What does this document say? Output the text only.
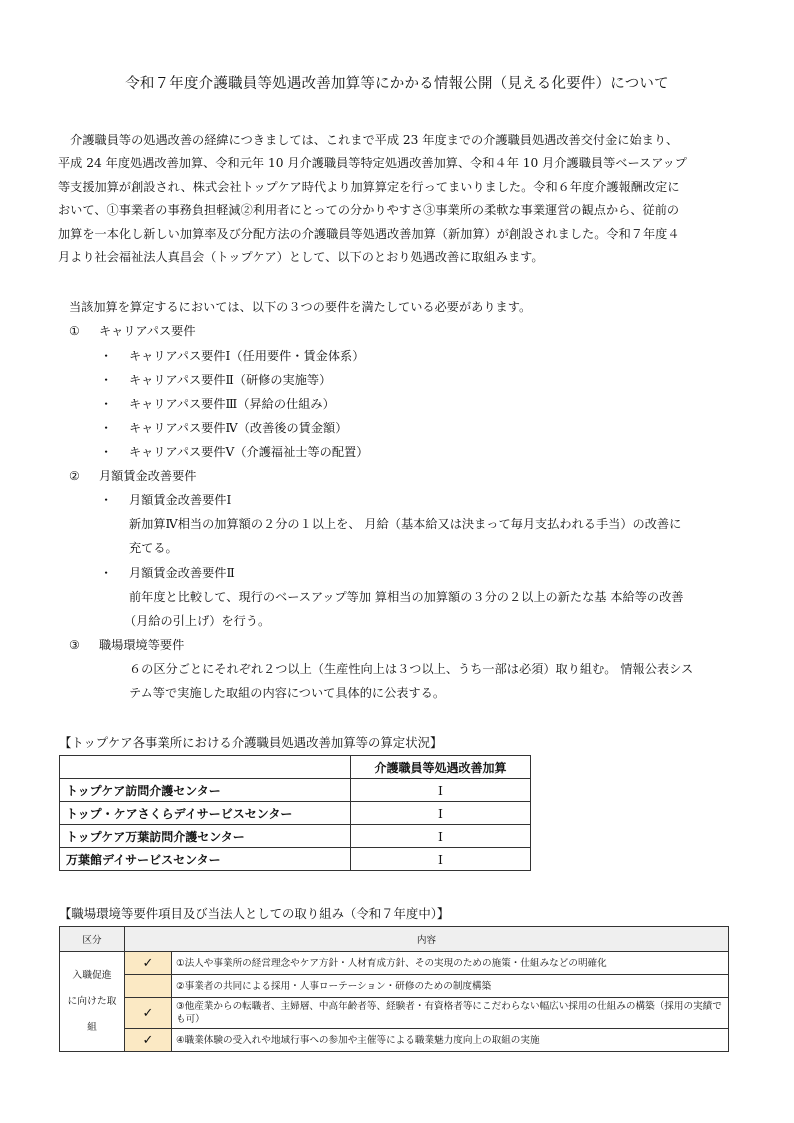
令和７年度介護職員等処遇改善加算等にかかる情報公開（見える化要件）について
　介護職員等の処遇改善の経緯につきましては、これまで平成 23 年度までの介護職員処遇改善交付金に始まり、
平成 24 年度処遇改善加算、令和元年 10 月介護職員等特定処遇改善加算、令和４年 10 月介護職員等ベースアップ
等支援加算が創設され、株式会社トップケア時代より加算算定を行ってまいりました。令和６年度介護報酬改定に
おいて、①事業者の事務負担軽減②利用者にとっての分かりやすさ③事業所の柔軟な事業運営の観点から、従前の
加算を一本化し新しい加算率及び分配方法の介護職員等処遇改善加算（新加算）が創設されました。令和７年度４
月より社会福祉法人真昌会（トップケア）として、以下のとおり処遇改善に取組みます。
当該加算を算定するにおいては、以下の３つの要件を満たしている必要があります。
① キャリアパス要件
・ キャリアパス要件Ⅰ（任用要件・賃金体系）
・ キャリアパス要件Ⅱ（研修の実施等）
・ キャリアパス要件Ⅲ（昇給の仕組み）
・ キャリアパス要件Ⅳ（改善後の賃金額）
・ キャリアパス要件Ⅴ（介護福祉士等の配置）
② 月額賃金改善要件
・ 月額賃金改善要件Ⅰ
新加算Ⅳ相当の加算額の２分の１以上を、 月給（基本給又は決まって毎月支払われる手当）の改善に
充てる。
・ 月額賃金改善要件Ⅱ
前年度と比較して、現行のベースアップ等加 算相当の加算額の３分の２以上の新たな基 本給等の改善
（月給の引上げ）を行う。
③ 職場環境等要件
６の区分ごとにそれぞれ２つ以上（生産性向上は３つ以上、うち一部は必須）取り組む。 情報公表シス
テム等で実施した取組の内容について具体的に公表する。
【トップケア各事業所における介護職員処遇改善加算等の算定状況】
	介護職員等処遇改善加算
トップケア訪問介護センター	Ⅰ
トップ・ケアさくらデイサービスセンター	Ⅰ
トップケア万葉訪問介護センター	Ⅰ
万葉館デイサービスセンター	Ⅰ
【職場環境等要件項目及び当法人としての取り組み（令和７年度中）】
区分	内容	

入職促進
に向けた取
組	✓	①法人や事業所の経営理念やケア方針・人材育成方針、その実現のための施策・仕組みなどの明確化
		②事業者の共同による採用・人事ローテーション・研修のための制度構築
	✓	③他産業からの転職者、主婦層、中高年齢者等、経験者・有資格者等にこだわらない幅広い採用の仕組みの構築（採用の実績でも可）
	✓	④職業体験の受入れや地域行事への参加や主催等による職業魅力度向上の取組の実施
